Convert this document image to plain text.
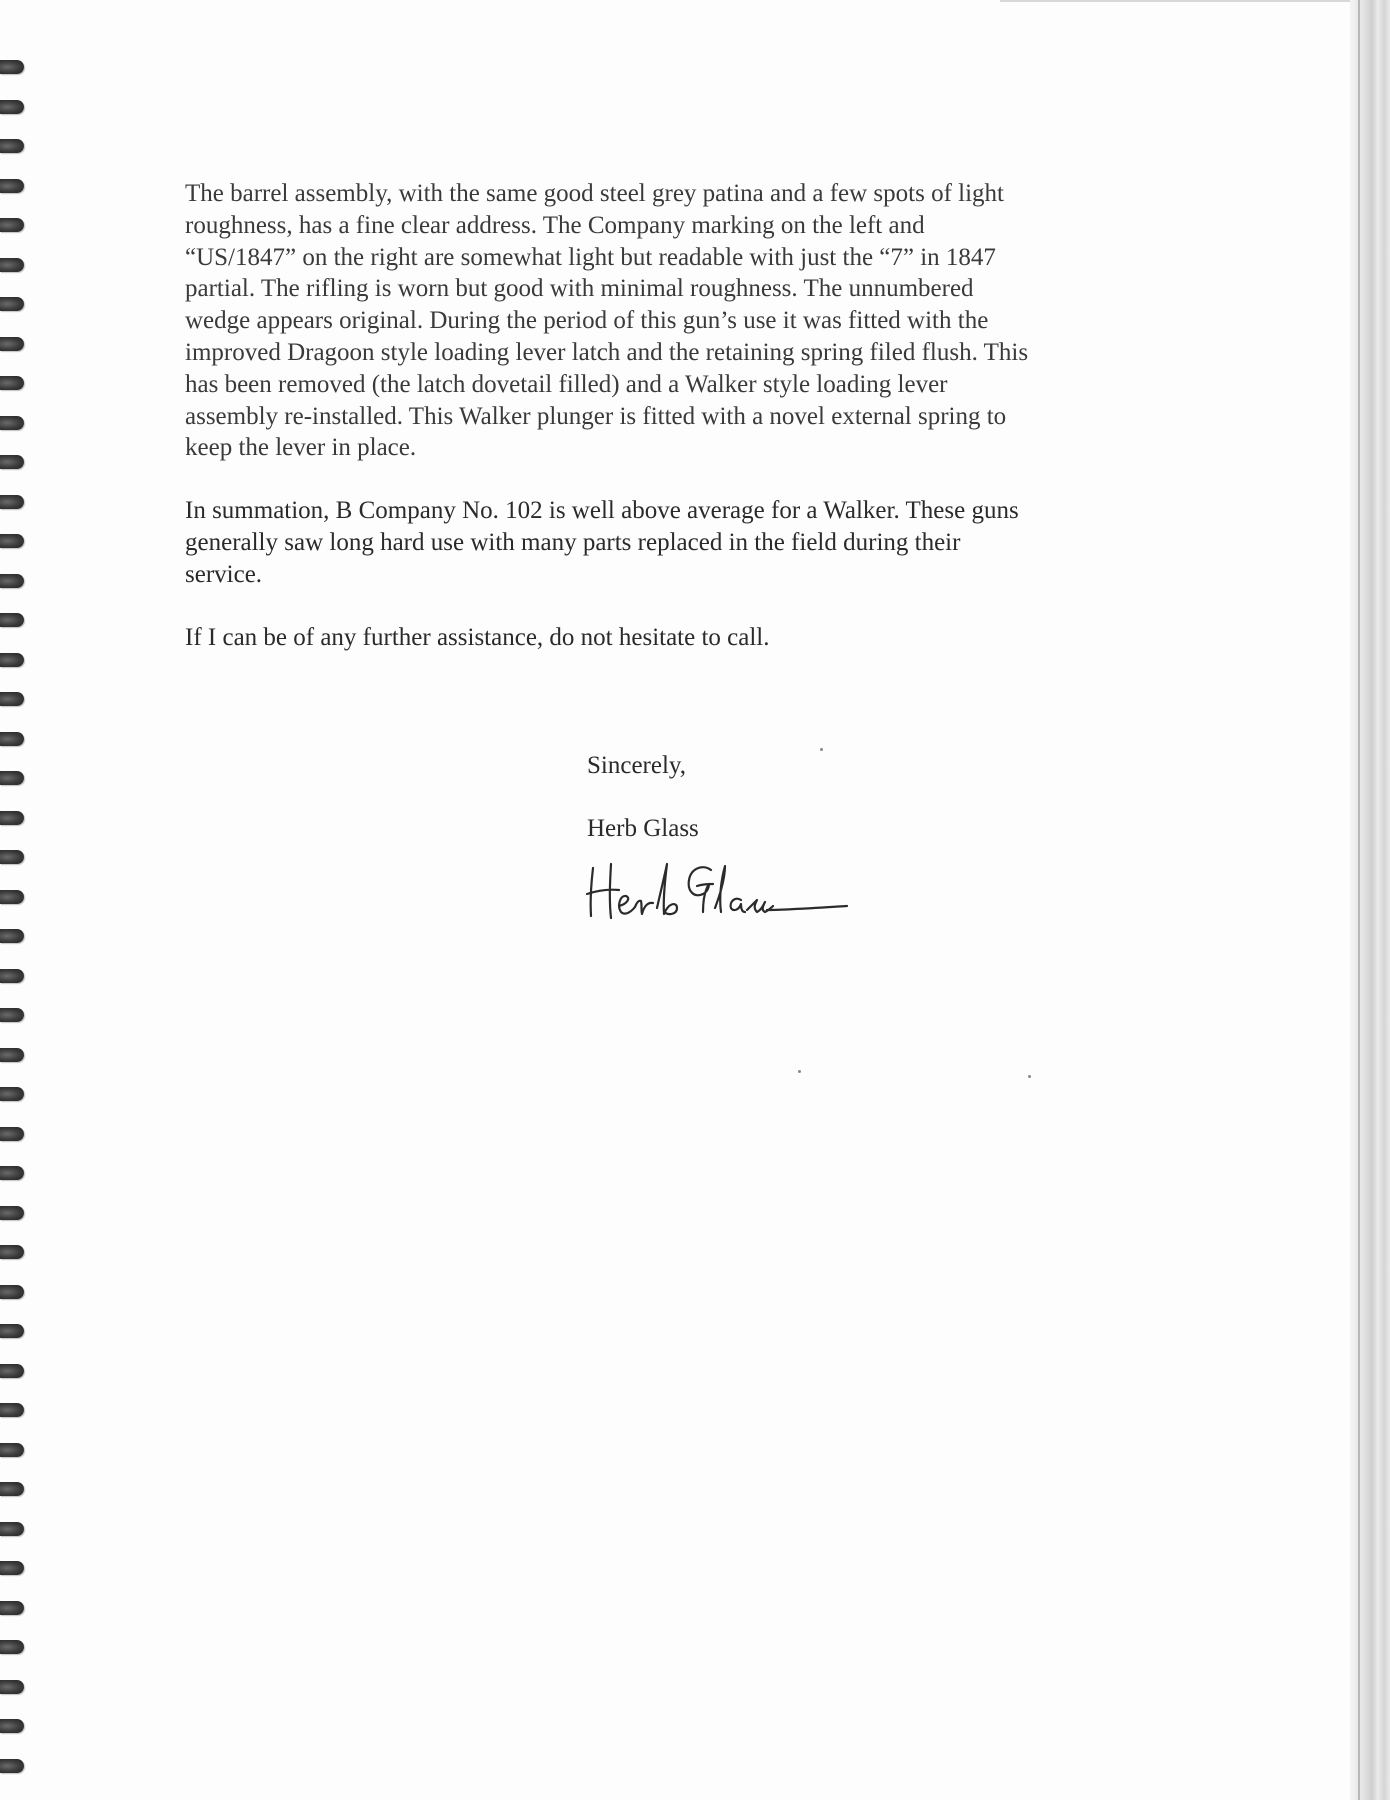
The barrel assembly, with the same good steel grey patina and a few spots of light
roughness, has a fine clear address. The Company marking on the left and
“US/1847” on the right are somewhat light but readable with just the “7” in 1847
partial. The rifling is worn but good with minimal roughness. The unnumbered
wedge appears original. During the period of this gun’s use it was fitted with the
improved Dragoon style loading lever latch and the retaining spring filed flush. This
has been removed (the latch dovetail filled) and a Walker style loading lever
assembly re-installed. This Walker plunger is fitted with a novel external spring to
keep the lever in place.
In summation, B Company No. 102 is well above average for a Walker. These guns
generally saw long hard use with many parts replaced in the field during their
service.
If I can be of any further assistance, do not hesitate to call.
Sincerely,
Herb Glass
